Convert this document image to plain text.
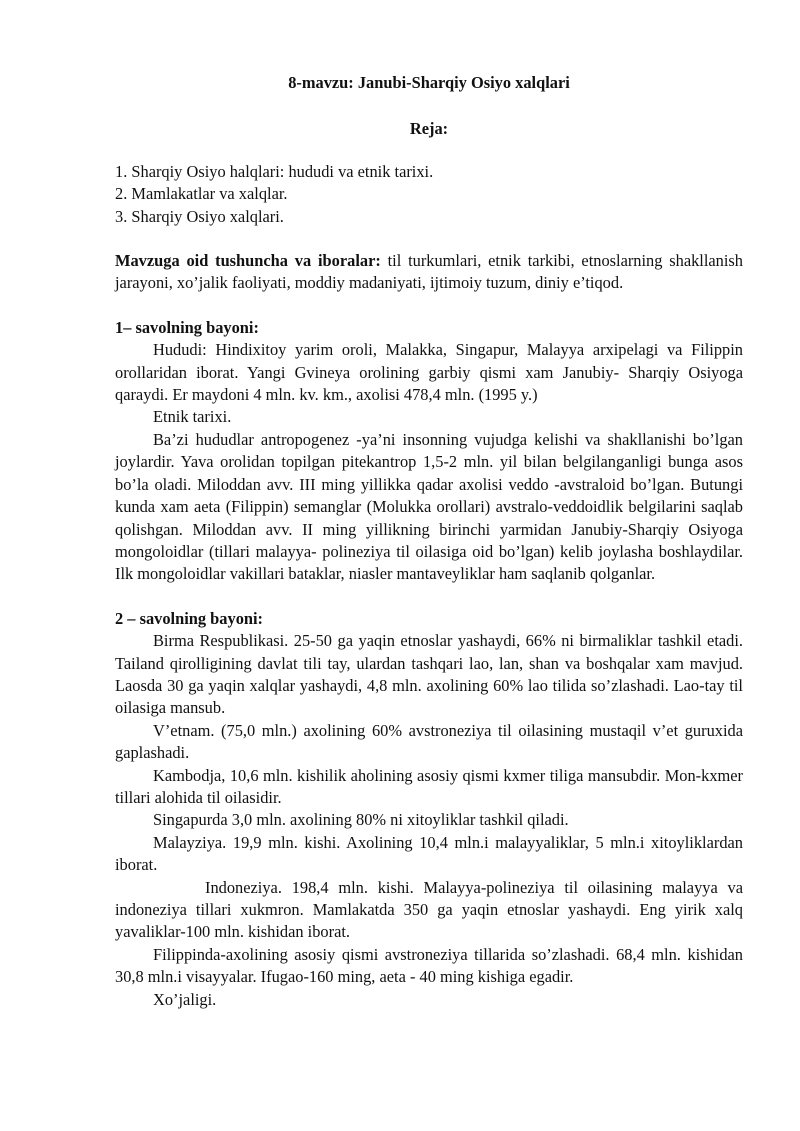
8-mavzu: Janubi-Sharqiy Osiyo xalqlari

Reja:

1. Sharqiy Osiyo halqlari: hududi va etnik tarixi.
2. Mamlakatlar va xalqlar.
3. Sharqiy Osiyo xalqlari.

Mavzuga oid tushuncha va iboralar: til turkumlari, etnik tarkibi, etnoslarning shakllanish jarayoni, xo’jalik faoliyati, moddiy madaniyati, ijtimoiy tuzum, diniy e’tiqod.

1– savolning bayoni:

Hududi: Hindixitoy yarim oroli, Malakka, Singapur, Malayya arxipelagi va Filippin orollaridan iborat. Yangi Gvineya orolining garbiy qismi xam Janubiy- Sharqiy Osiyoga qaraydi. Er maydoni 4 mln. kv. km., axolisi 478,4 mln. (1995 y.)

Etnik tarixi.

Ba’zi hududlar antropogenez -ya’ni insonning vujudga kelishi va shakllanishi bo’lgan joylardir. Yava orolidan topilgan pitekantrop 1,5-2 mln. yil bilan belgilanganligi bunga asos bo’la oladi. Miloddan avv. III ming yillikka qadar axolisi veddo -avstraloid bo’lgan. Butungi kunda xam aeta (Filippin) semanglar (Molukka orollari) avstralo-veddoidlik belgilarini saqlab qolishgan. Miloddan avv. II ming yillikning birinchi yarmidan Janubiy-Sharqiy Osiyoga mongoloidlar (tillari malayya- polineziya til oilasiga oid bo’lgan) kelib joylasha boshlaydilar. Ilk mongoloidlar vakillari bataklar, niasler mantaveyliklar ham saqlanib qolganlar.

2 – savolning bayoni:

Birma Respublikasi. 25-50 ga yaqin etnoslar yashaydi, 66% ni birmaliklar tashkil etadi. Tailand qirolligining davlat tili tay, ulardan tashqari lao, lan, shan va boshqalar xam mavjud. Laosda 30 ga yaqin xalqlar yashaydi, 4,8 mln. axolining 60% lao tilida so’zlashadi. Lao-tay til oilasiga mansub.

V’etnam. (75,0 mln.) axolining 60% avstroneziya til oilasining mustaqil v’et guruxida gaplashadi.

Kambodja, 10,6 mln. kishilik aholining asosiy qismi kxmer tiliga mansubdir. Mon-kxmer tillari alohida til oilasidir.

Singapurda 3,0 mln. axolining 80% ni xitoyliklar tashkil qiladi.

Malayziya. 19,9 mln. kishi. Axolining 10,4 mln.i malayyaliklar, 5 mln.i xitoyliklardan iborat.

Indoneziya. 198,4 mln. kishi. Malayya-polineziya til oilasining malayya va indoneziya tillari xukmron. Mamlakatda 350 ga yaqin etnoslar yashaydi. Eng yirik xalq yavaliklar-100 mln. kishidan iborat.

Filippinda-axolining asosiy qismi avstroneziya tillarida so’zlashadi. 68,4 mln. kishidan 30,8 mln.i visayyalar. Ifugao-160 ming, aeta - 40 ming kishiga egadir.

Xo’jaligi.
